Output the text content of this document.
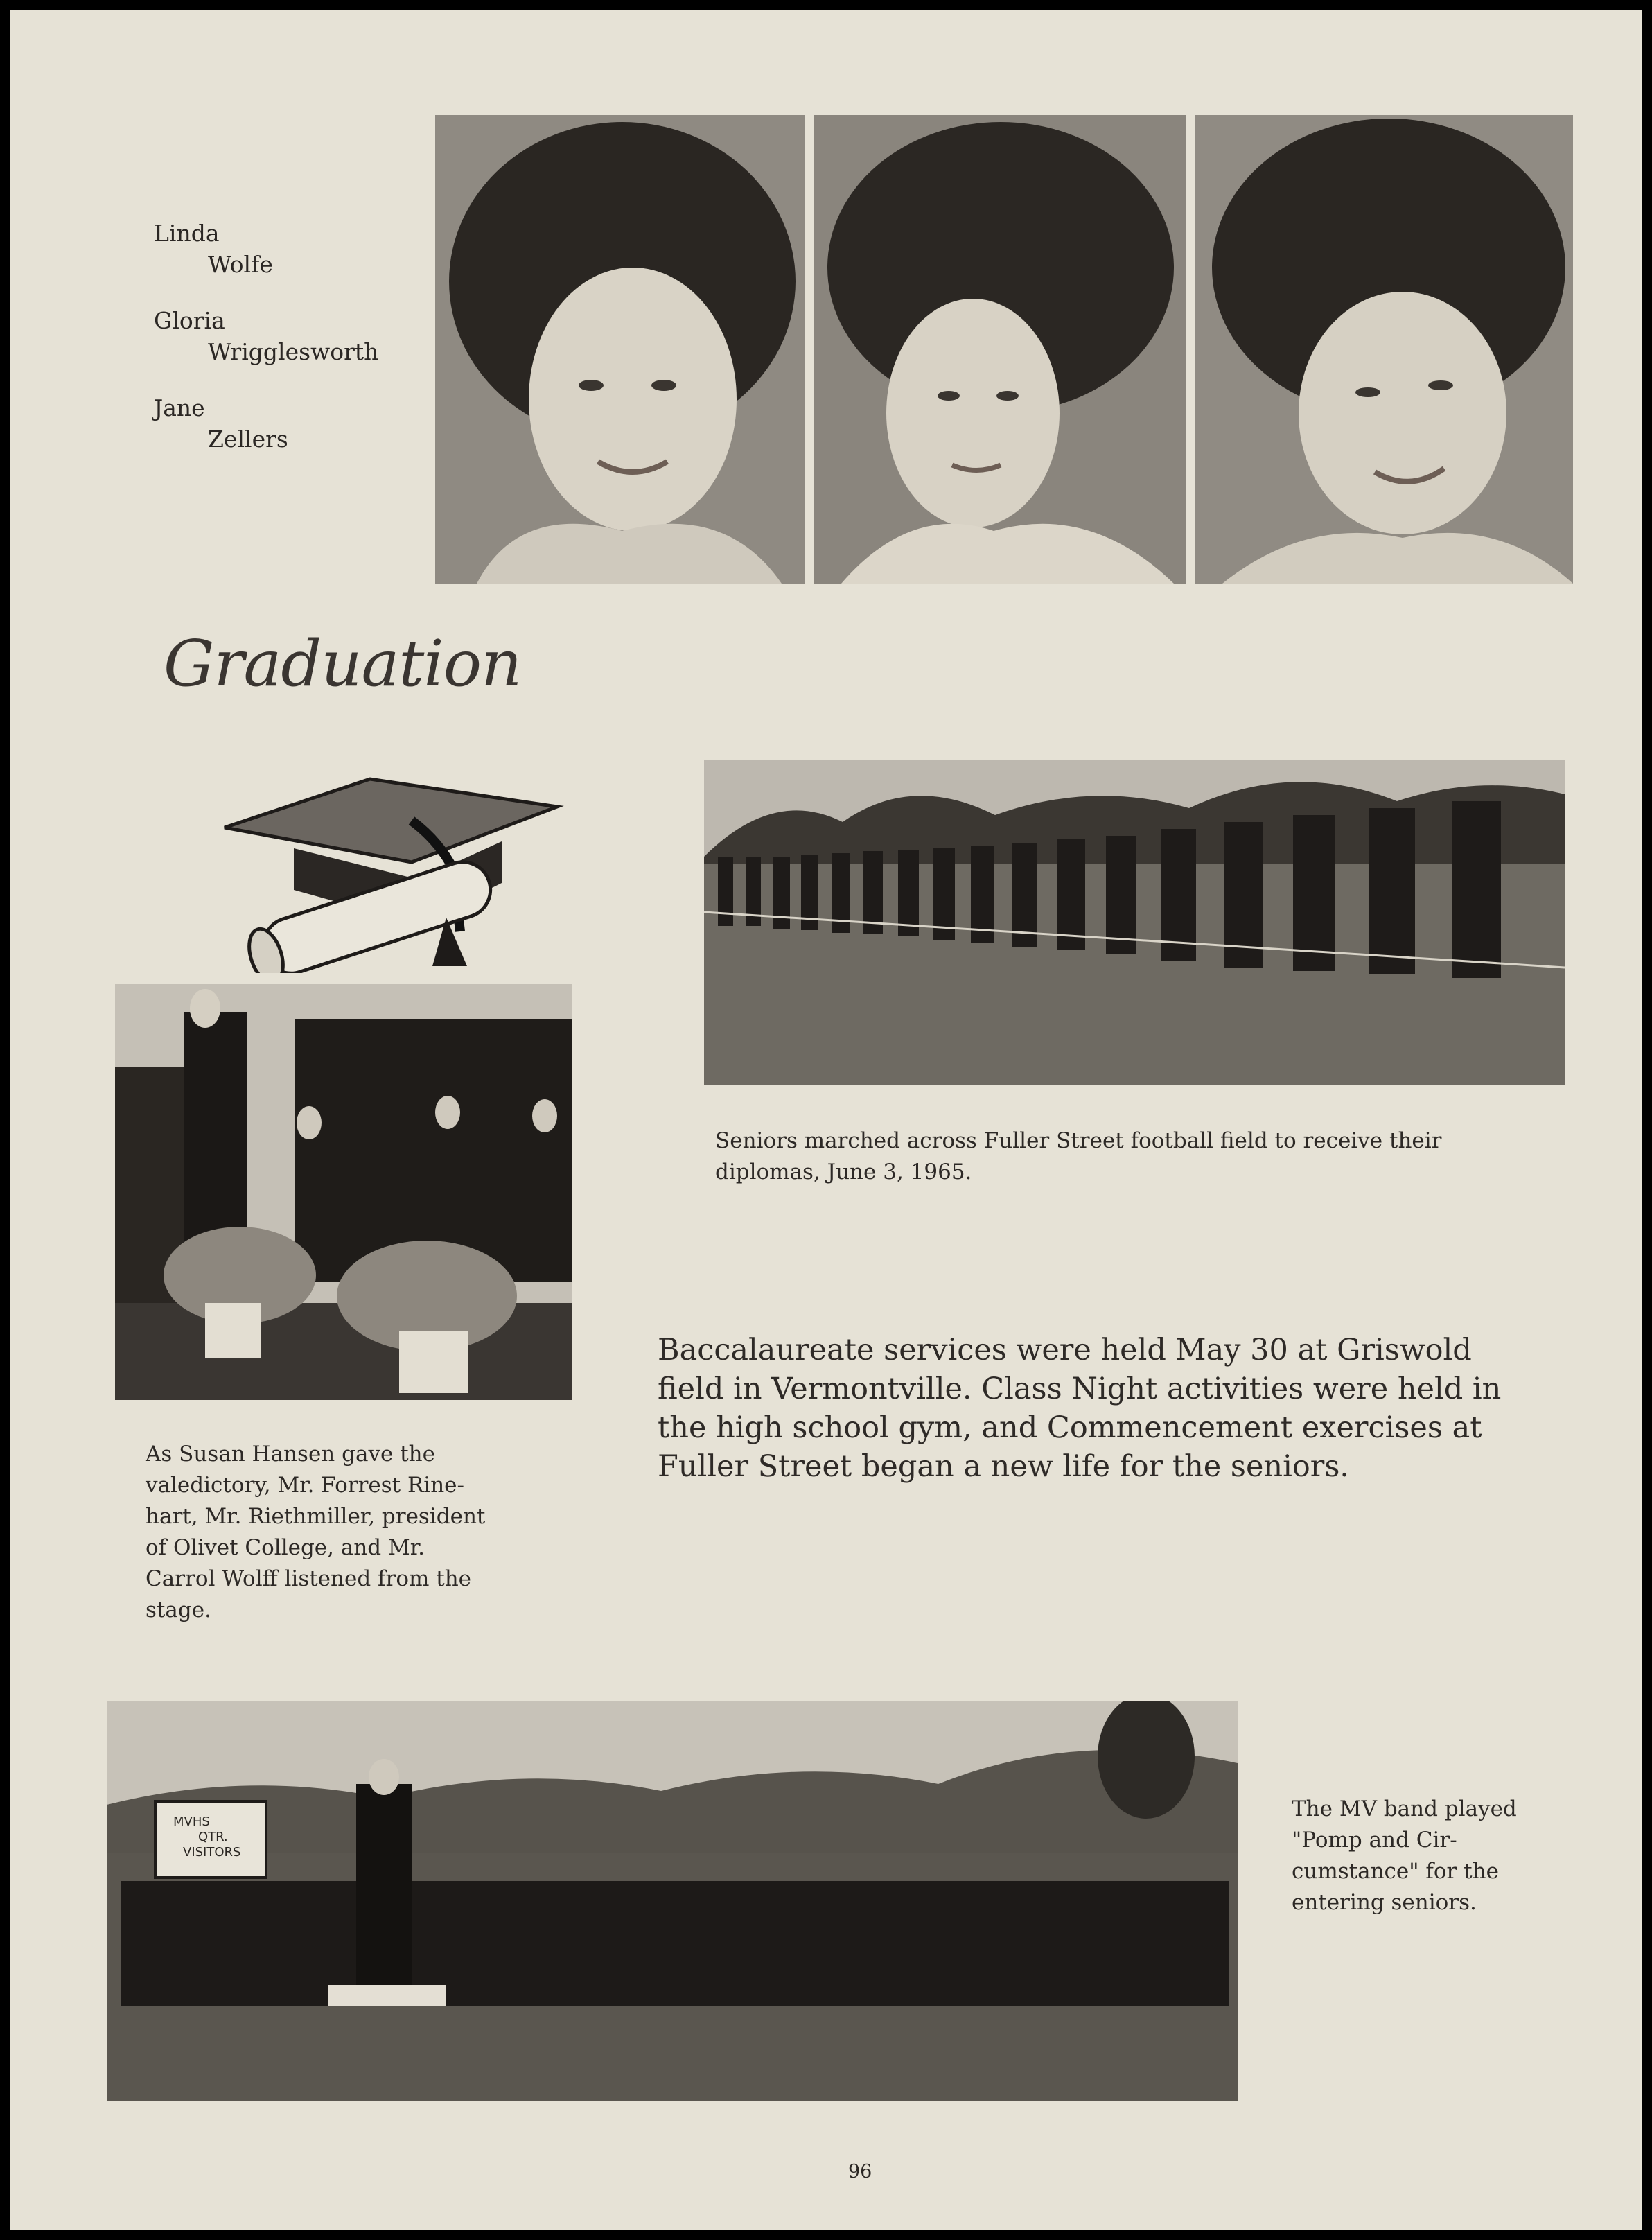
Linda
Wolfe
Gloria
Wrigglesworth
Jane
Zellers
Graduation
Seniors marched across Fuller Street football field to receive their
diplomas, June 3, 1965.
As Susan Hansen gave the
valedictory, Mr. Forrest Rine-
hart, Mr. Riethmiller, president
of Olivet College, and Mr.
Carrol Wolff listened from the
stage.
Baccalaureate services were held May 30 at Griswold
field in Vermontville. Class Night activities were held in
the high school gym, and Commencement exercises at
Fuller Street began a new life for the seniors.
MVHS
QTR.
VISITORS
The MV band played
"Pomp and Cir-
cumstance" for the
entering seniors.
96
